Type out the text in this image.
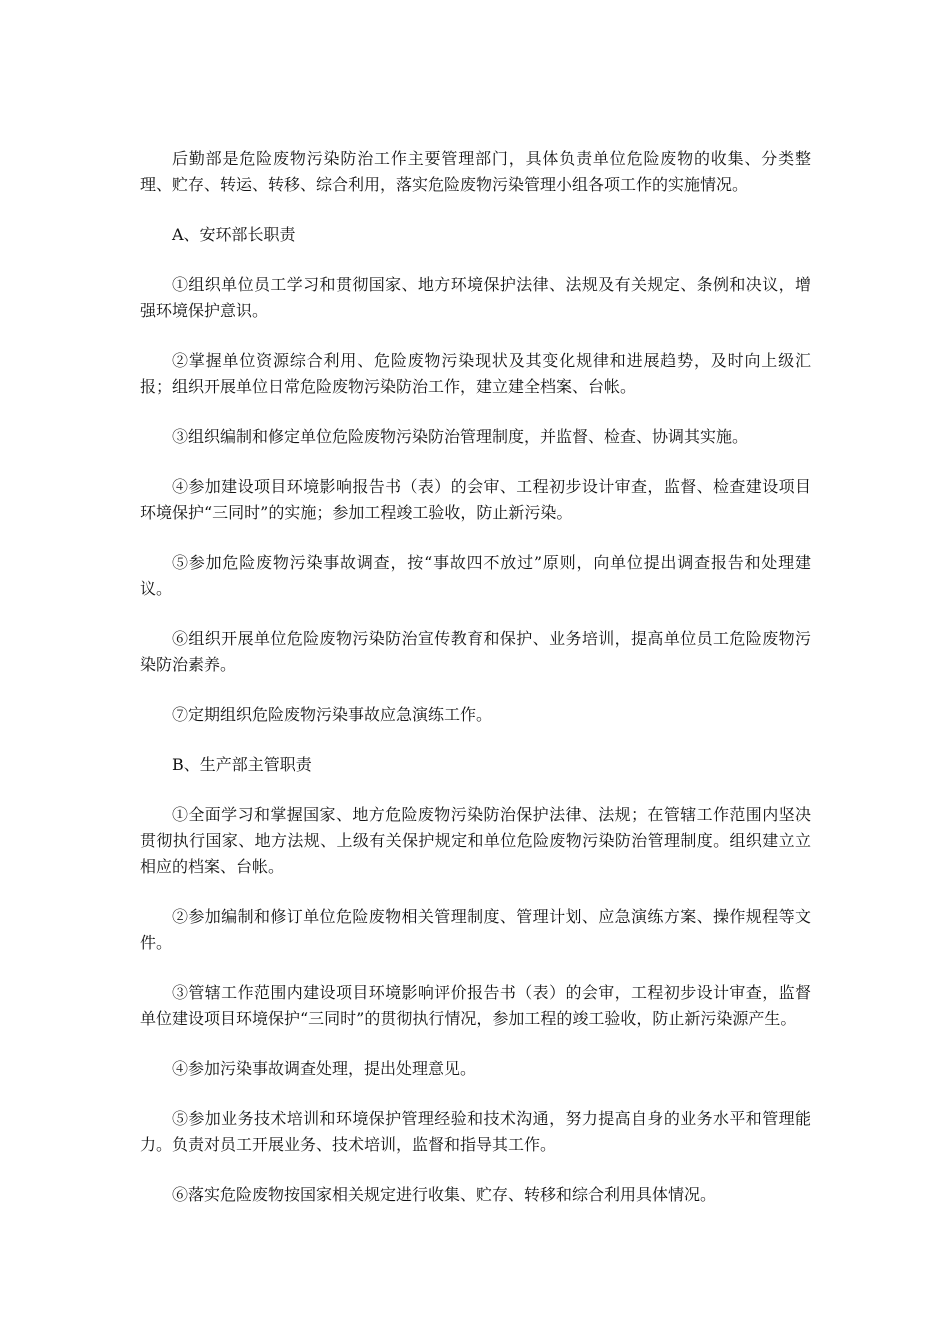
后勤部是危险废物污染防治工作主要管理部门，具体负责单位危险废物的收集、分类整理、贮存、转运、转移、综合利用，落实危险废物污染管理小组各项工作的实施情况。

A、安环部长职责

①组织单位员工学习和贯彻国家、地方环境保护法律、法规及有关规定、条例和决议，增强环境保护意识。

②掌握单位资源综合利用、危险废物污染现状及其变化规律和进展趋势，及时向上级汇报；组织开展单位日常危险废物污染防治工作，建立建全档案、台帐。

③组织编制和修定单位危险废物污染防治管理制度，并监督、检查、协调其实施。

④参加建设项目环境影响报告书（表）的会审、工程初步设计审查，监督、检查建设项目环境保护“三同时”的实施；参加工程竣工验收，防止新污染。

⑤参加危险废物污染事故调查，按“事故四不放过”原则，向单位提出调查报告和处理建议。

⑥组织开展单位危险废物污染防治宣传教育和保护、业务培训，提高单位员工危险废物污染防治素养。

⑦定期组织危险废物污染事故应急演练工作。

B、生产部主管职责

①全面学习和掌握国家、地方危险废物污染防治保护法律、法规；在管辖工作范围内坚决贯彻执行国家、地方法规、上级有关保护规定和单位危险废物污染防治管理制度。组织建立立相应的档案、台帐。

②参加编制和修订单位危险废物相关管理制度、管理计划、应急演练方案、操作规程等文件。

③管辖工作范围内建设项目环境影响评价报告书（表）的会审，工程初步设计审查，监督单位建设项目环境保护“三同时”的贯彻执行情况，参加工程的竣工验收，防止新污染源产生。

④参加污染事故调查处理，提出处理意见。

⑤参加业务技术培训和环境保护管理经验和技术沟通，努力提高自身的业务水平和管理能力。负责对员工开展业务、技术培训，监督和指导其工作。

⑥落实危险废物按国家相关规定进行收集、贮存、转移和综合利用具体情况。
